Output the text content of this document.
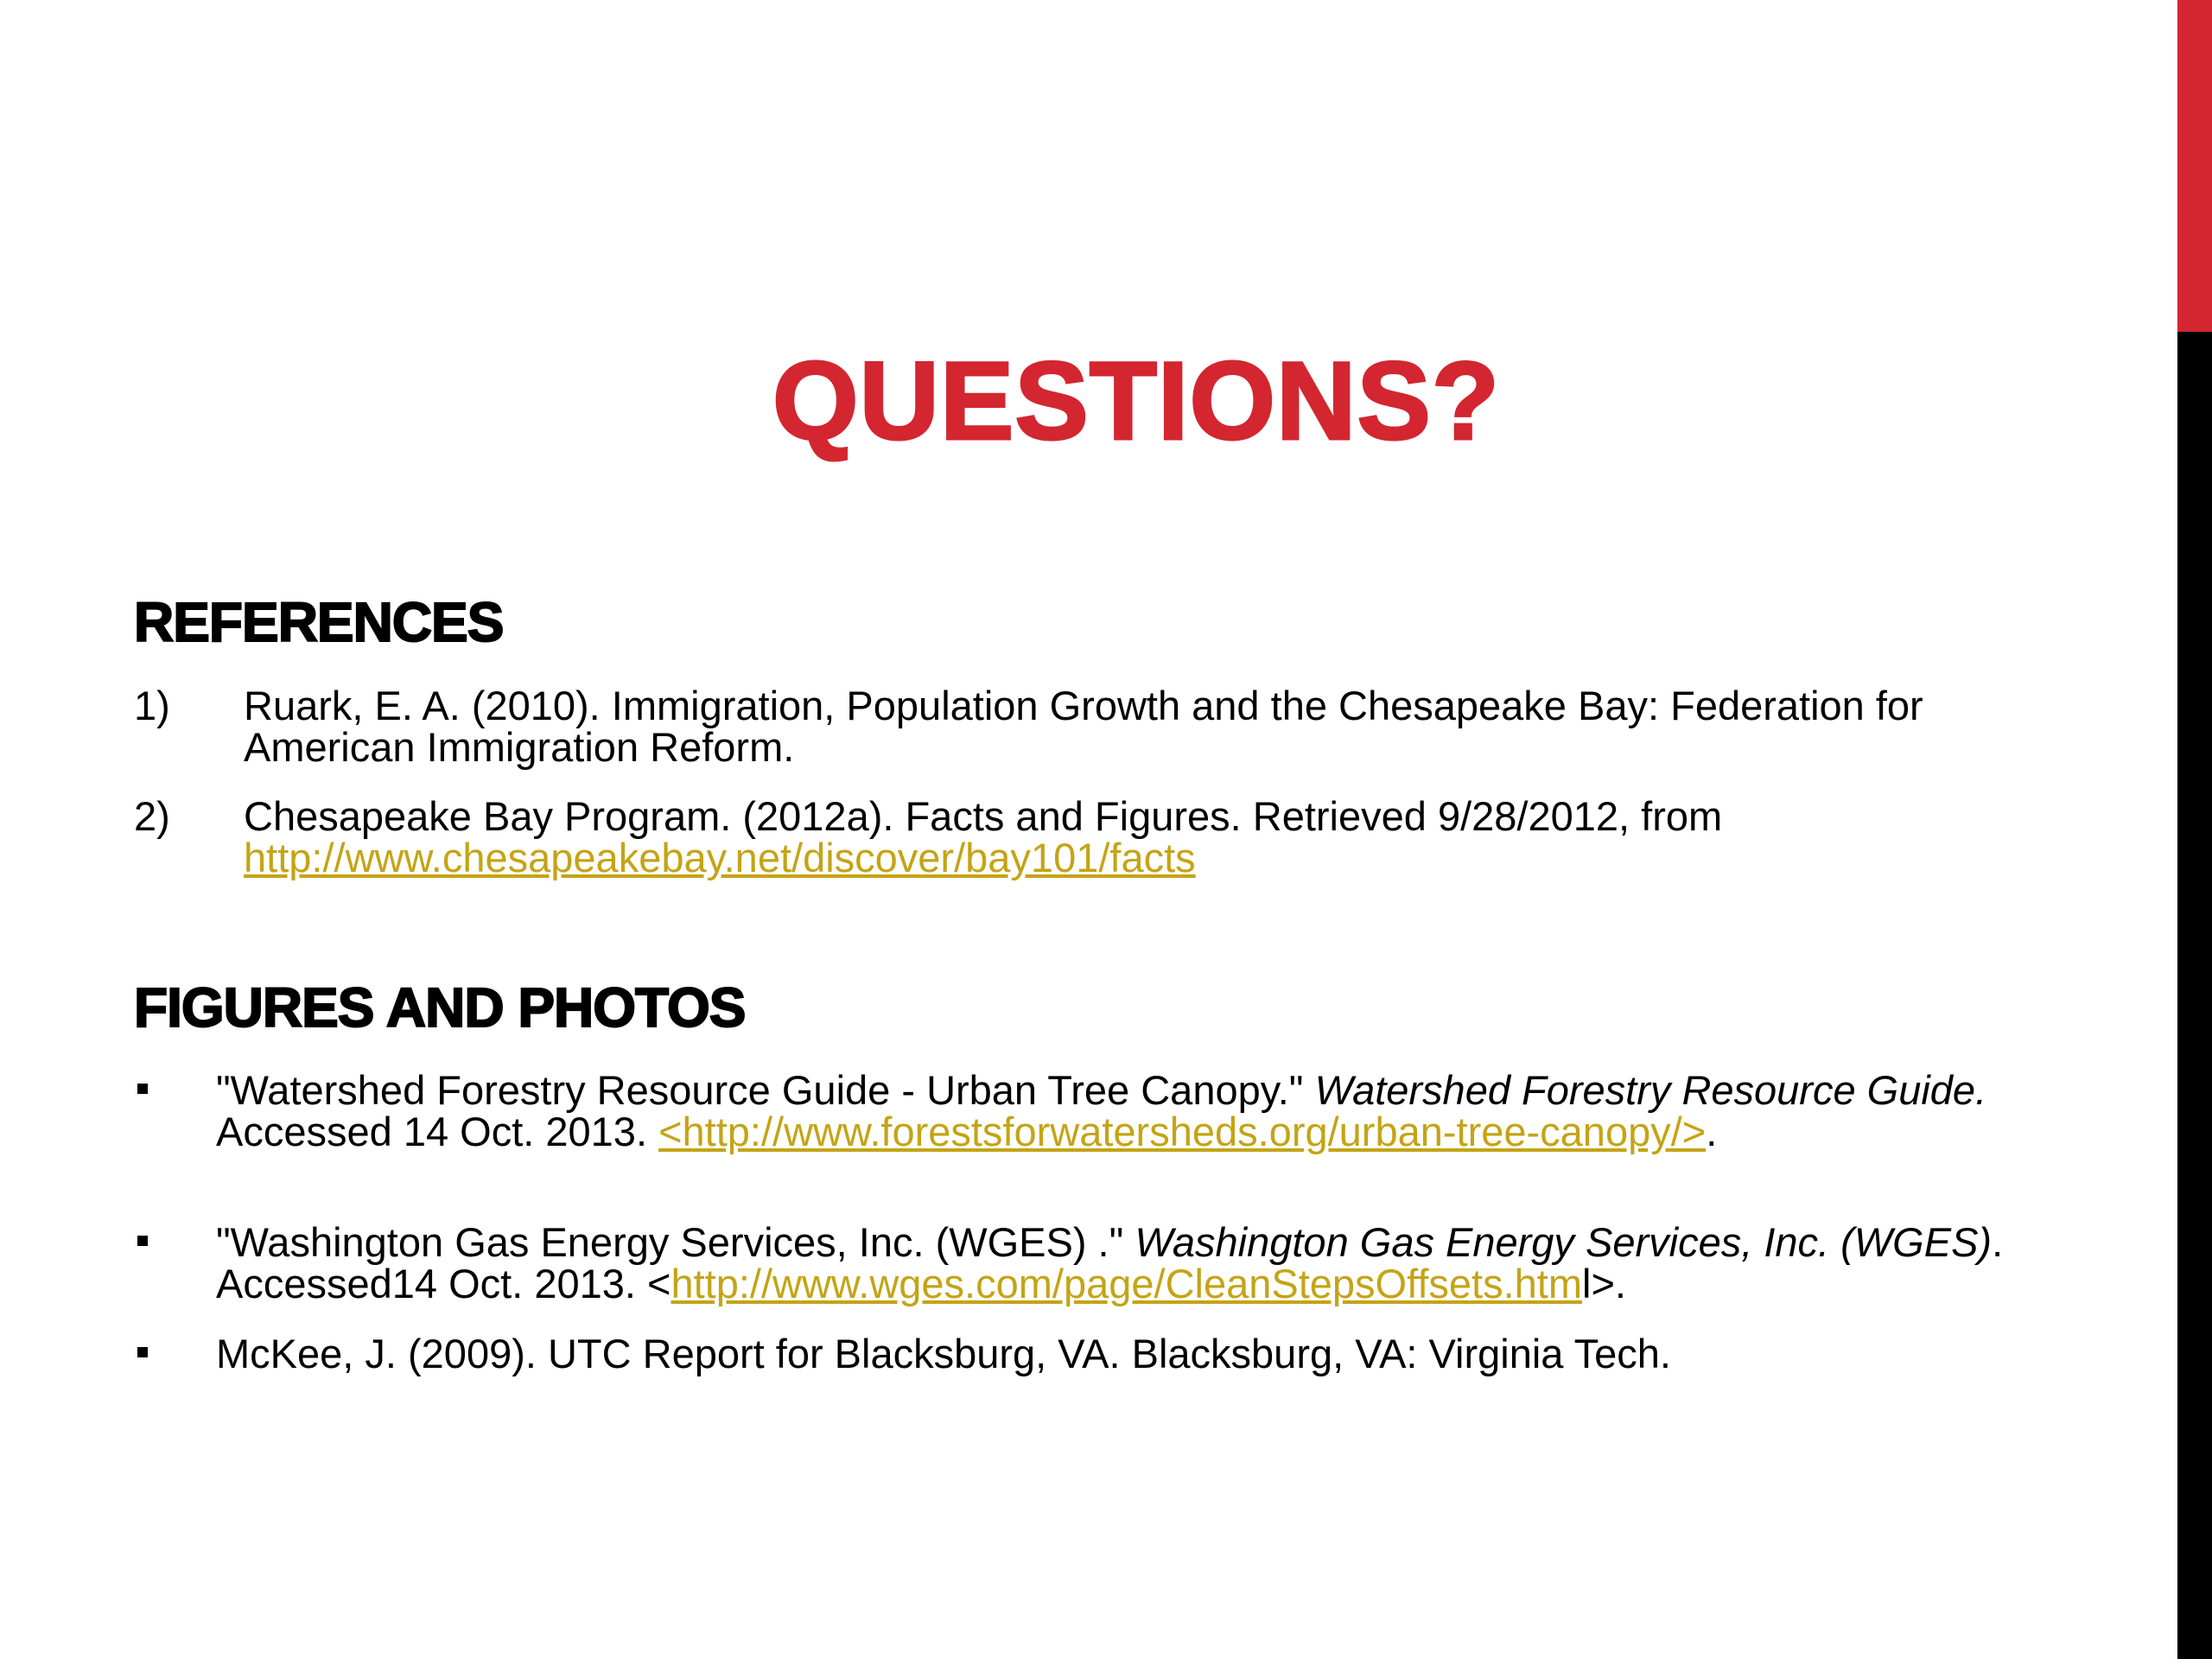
QUESTIONS?
REFERENCES
1) Ruark, E. A. (2010). Immigration, Population Growth and the Chesapeake Bay: Federation for American Immigration Reform.
2) Chesapeake Bay Program. (2012a). Facts and Figures. Retrieved 9/28/2012, from
http://www.chesapeakebay.net/discover/bay101/facts
FIGURES AND PHOTOS
"Watershed Forestry Resource Guide - Urban Tree Canopy." Watershed Forestry Resource Guide. Accessed 14 Oct. 2013. <http://www.forestsforwatersheds.org/urban-tree-canopy/>.
"Washington Gas Energy Services, Inc. (WGES) ." Washington Gas Energy Services, Inc. (WGES). Accessed14 Oct. 2013. <http://www.wges.com/page/CleanStepsOffsets.html>.
McKee, J. (2009). UTC Report for Blacksburg, VA. Blacksburg, VA: Virginia Tech.
